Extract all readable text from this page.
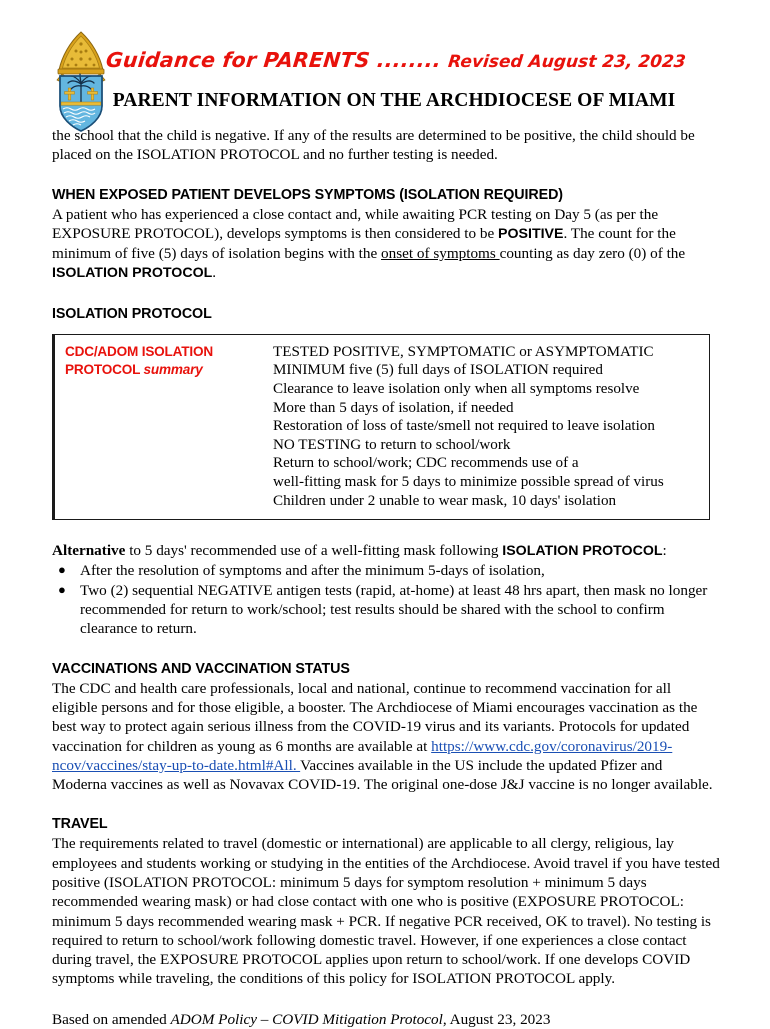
Guidance for PARENTS ........ Revised August 23, 2023
PARENT INFORMATION ON THE ARCHDIOCESE OF MIAMI

the school that the child is negative. If any of the results are determined to be positive, the child should be placed on the ISOLATION PROTOCOL and no further testing is needed.

WHEN EXPOSED PATIENT DEVELOPS SYMPTOMS (ISOLATION REQUIRED)

A patient who has experienced a close contact and, while awaiting PCR testing on Day 5 (as per the EXPOSURE PROTOCOL), develops symptoms is then considered to be POSITIVE. The count for the minimum of five (5) days of isolation begins with the onset of symptoms counting as day zero (0) of the ISOLATION PROTOCOL.

ISOLATION PROTOCOL
CDC/ADOM ISOLATION
PROTOCOL summary
TESTED POSITIVE, SYMPTOMATIC or ASYMPTOMATIC
MINIMUM five (5) full days of ISOLATION required
Clearance to leave isolation only when all symptoms resolve
More than 5 days of isolation, if needed
Restoration of loss of taste/smell not required to leave isolation
NO TESTING to return to school/work
Return to school/work; CDC recommends use of a
well-fitting mask for 5 days to minimize possible spread of virus
Children under 2 unable to wear mask, 10 days' isolation

Alternative to 5 days' recommended use of a well-fitting mask following ISOLATION PROTOCOL:

● After the resolution of symptoms and after the minimum 5-days of isolation,
● Two (2) sequential NEGATIVE antigen tests (rapid, at-home) at least 48 hrs apart, then mask no longer recommended for return to work/school; test results should be shared with the school to confirm clearance to return.
VACCINATIONS AND VACCINATION STATUS

The CDC and health care professionals, local and national, continue to recommend vaccination for all eligible persons and for those eligible, a booster. The Archdiocese of Miami encourages vaccination as the best way to protect again serious illness from the COVID-19 virus and its variants. Protocols for updated vaccination for children as young as 6 months are available at https://www.cdc.gov/coronavirus/2019-ncov/vaccines/stay-up-to-date.html#All. Vaccines available in the US include the updated Pfizer and Moderna vaccines as well as Novavax COVID-19. The original one-dose J&J vaccine is no longer available.

TRAVEL

The requirements related to travel (domestic or international) are applicable to all clergy, religious, lay employees and students working or studying in the entities of the Archdiocese. Avoid travel if you have tested positive (ISOLATION PROTOCOL: minimum 5 days for symptom resolution + minimum 5 days recommended wearing mask) or had close contact with one who is positive (EXPOSURE PROTOCOL: minimum 5 days recommended wearing mask + PCR. If negative PCR received, OK to travel). No testing is required to return to school/work following domestic travel. However, if one experiences a close contact during travel, the EXPOSURE PROTOCOL applies upon return to school/work. If one develops COVID symptoms while traveling, the conditions of this policy for ISOLATION PROTOCOL apply.

Based on amended ADOM Policy – COVID Mitigation Protocol, August 23, 2023
